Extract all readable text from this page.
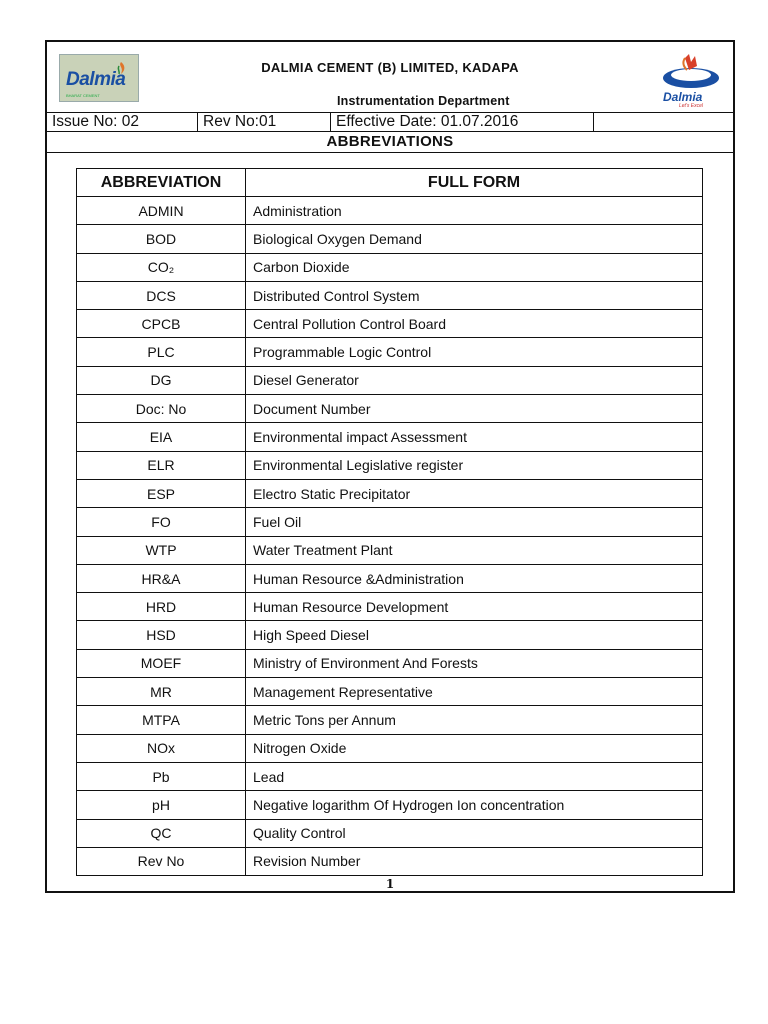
Dalmia
BHARAT CEMENT
DALMIA CEMENT (B) LIMITED, KADAPA
Instrumentation Department	Dalmia
Let's Excel
Issue No: 02	Rev No:01	Effective Date: 01.07.2016
ABBREVIATIONS
ABBREVIATION	FULL FORM
ADMIN	Administration
BOD	Biological Oxygen Demand
CO₂	Carbon Dioxide
DCS	Distributed Control System
CPCB	Central Pollution Control Board
PLC	Programmable Logic Control
DG	Diesel Generator
Doc: No	Document Number
EIA	Environmental impact Assessment
ELR	Environmental Legislative register
ESP	Electro Static Precipitator
FO	Fuel Oil
WTP	Water Treatment Plant
HR&A	Human Resource &Administration
HRD	Human Resource Development
HSD	High Speed Diesel
MOEF	Ministry of Environment And Forests
MR	Management Representative
MTPA	Metric Tons per Annum
NOx	Nitrogen Oxide
Pb	Lead
pH	Negative logarithm Of Hydrogen Ion concentration
QC	Quality Control
Rev No	Revision Number
1
